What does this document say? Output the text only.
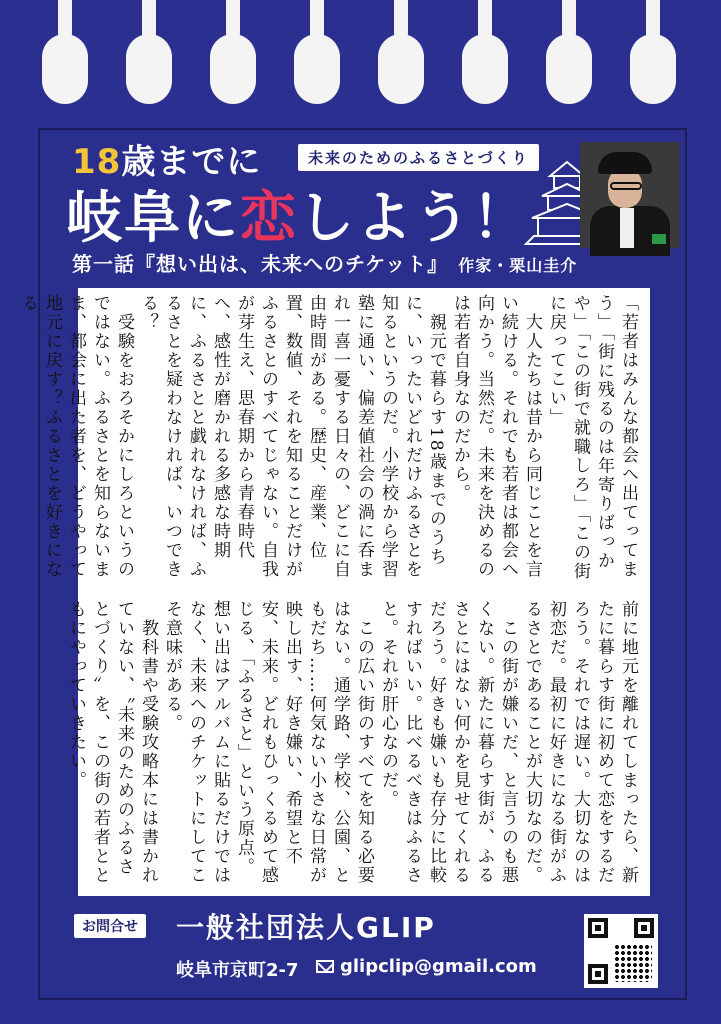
18歳までに	未来のためのふるさとづくり
岐阜に恋しよう！
第一話『想い出は、未来へのチケット』 作家・栗山圭介
「若者はみんな都会へ出てってまう」「街に残るのは年寄りばっかや」「この街で就職しろ」「この街に戻ってこい」
　大人たちは昔から同じことを言い続ける。それでも若者は都会へ向かう。当然だ。未来を決めるのは若者自身なのだから。
　親元で暮らす18歳までのうちに、いったいどれだけふるさとを知るというのだ。小学校から学習塾に通い、偏差値社会の渦に呑まれ一喜一憂する日々の、どこに自由時間がある。歴史、産業、位置、数値、それを知ることだけがふるさとのすべてじゃない。自我が芽生え、思春期から青春時代へ、感性が磨かれる多感な時期に、ふるさとと戯れなければ、ふるさとを疑わなければ、いつできる？
　受験をおろそかにしろというのではない。ふるさとを知らないまま、都会に出た者を、どうやって地元に戻す？ふるさとを好きになる
前に地元を離れてしまったら、新たに暮らす街に初めて恋をするだろう。それでは遅い。大切なのは初恋だ。最初に好きになる街がふるさとであることが大切なのだ。
　この街が嫌いだ、と言うのも悪くない。新たに暮らす街が、ふるさとにはない何かを見せてくれるだろう。好きも嫌いも存分に比較すればいい。比べるべきはふるさと。それが肝心なのだ。
　この広い街のすべてを知る必要はない。通学路、学校、公園、ともだち……何気ない小さな日常が映し出す、好き嫌い、希望と不安、未来。どれもひっくるめて感じる、「ふるさと」という原点。想い出はアルバムに貼るだけではなく、未来へのチケットにしてこそ意味がある。
　教科書や受験攻略本には書かれていない、〝未来のためのふるさとづくり〟を、この街の若者とともにやっていきたい。
お問合せ 一般社団法人GLIP
岐阜市京町2-7 glipclip@gmail.com
